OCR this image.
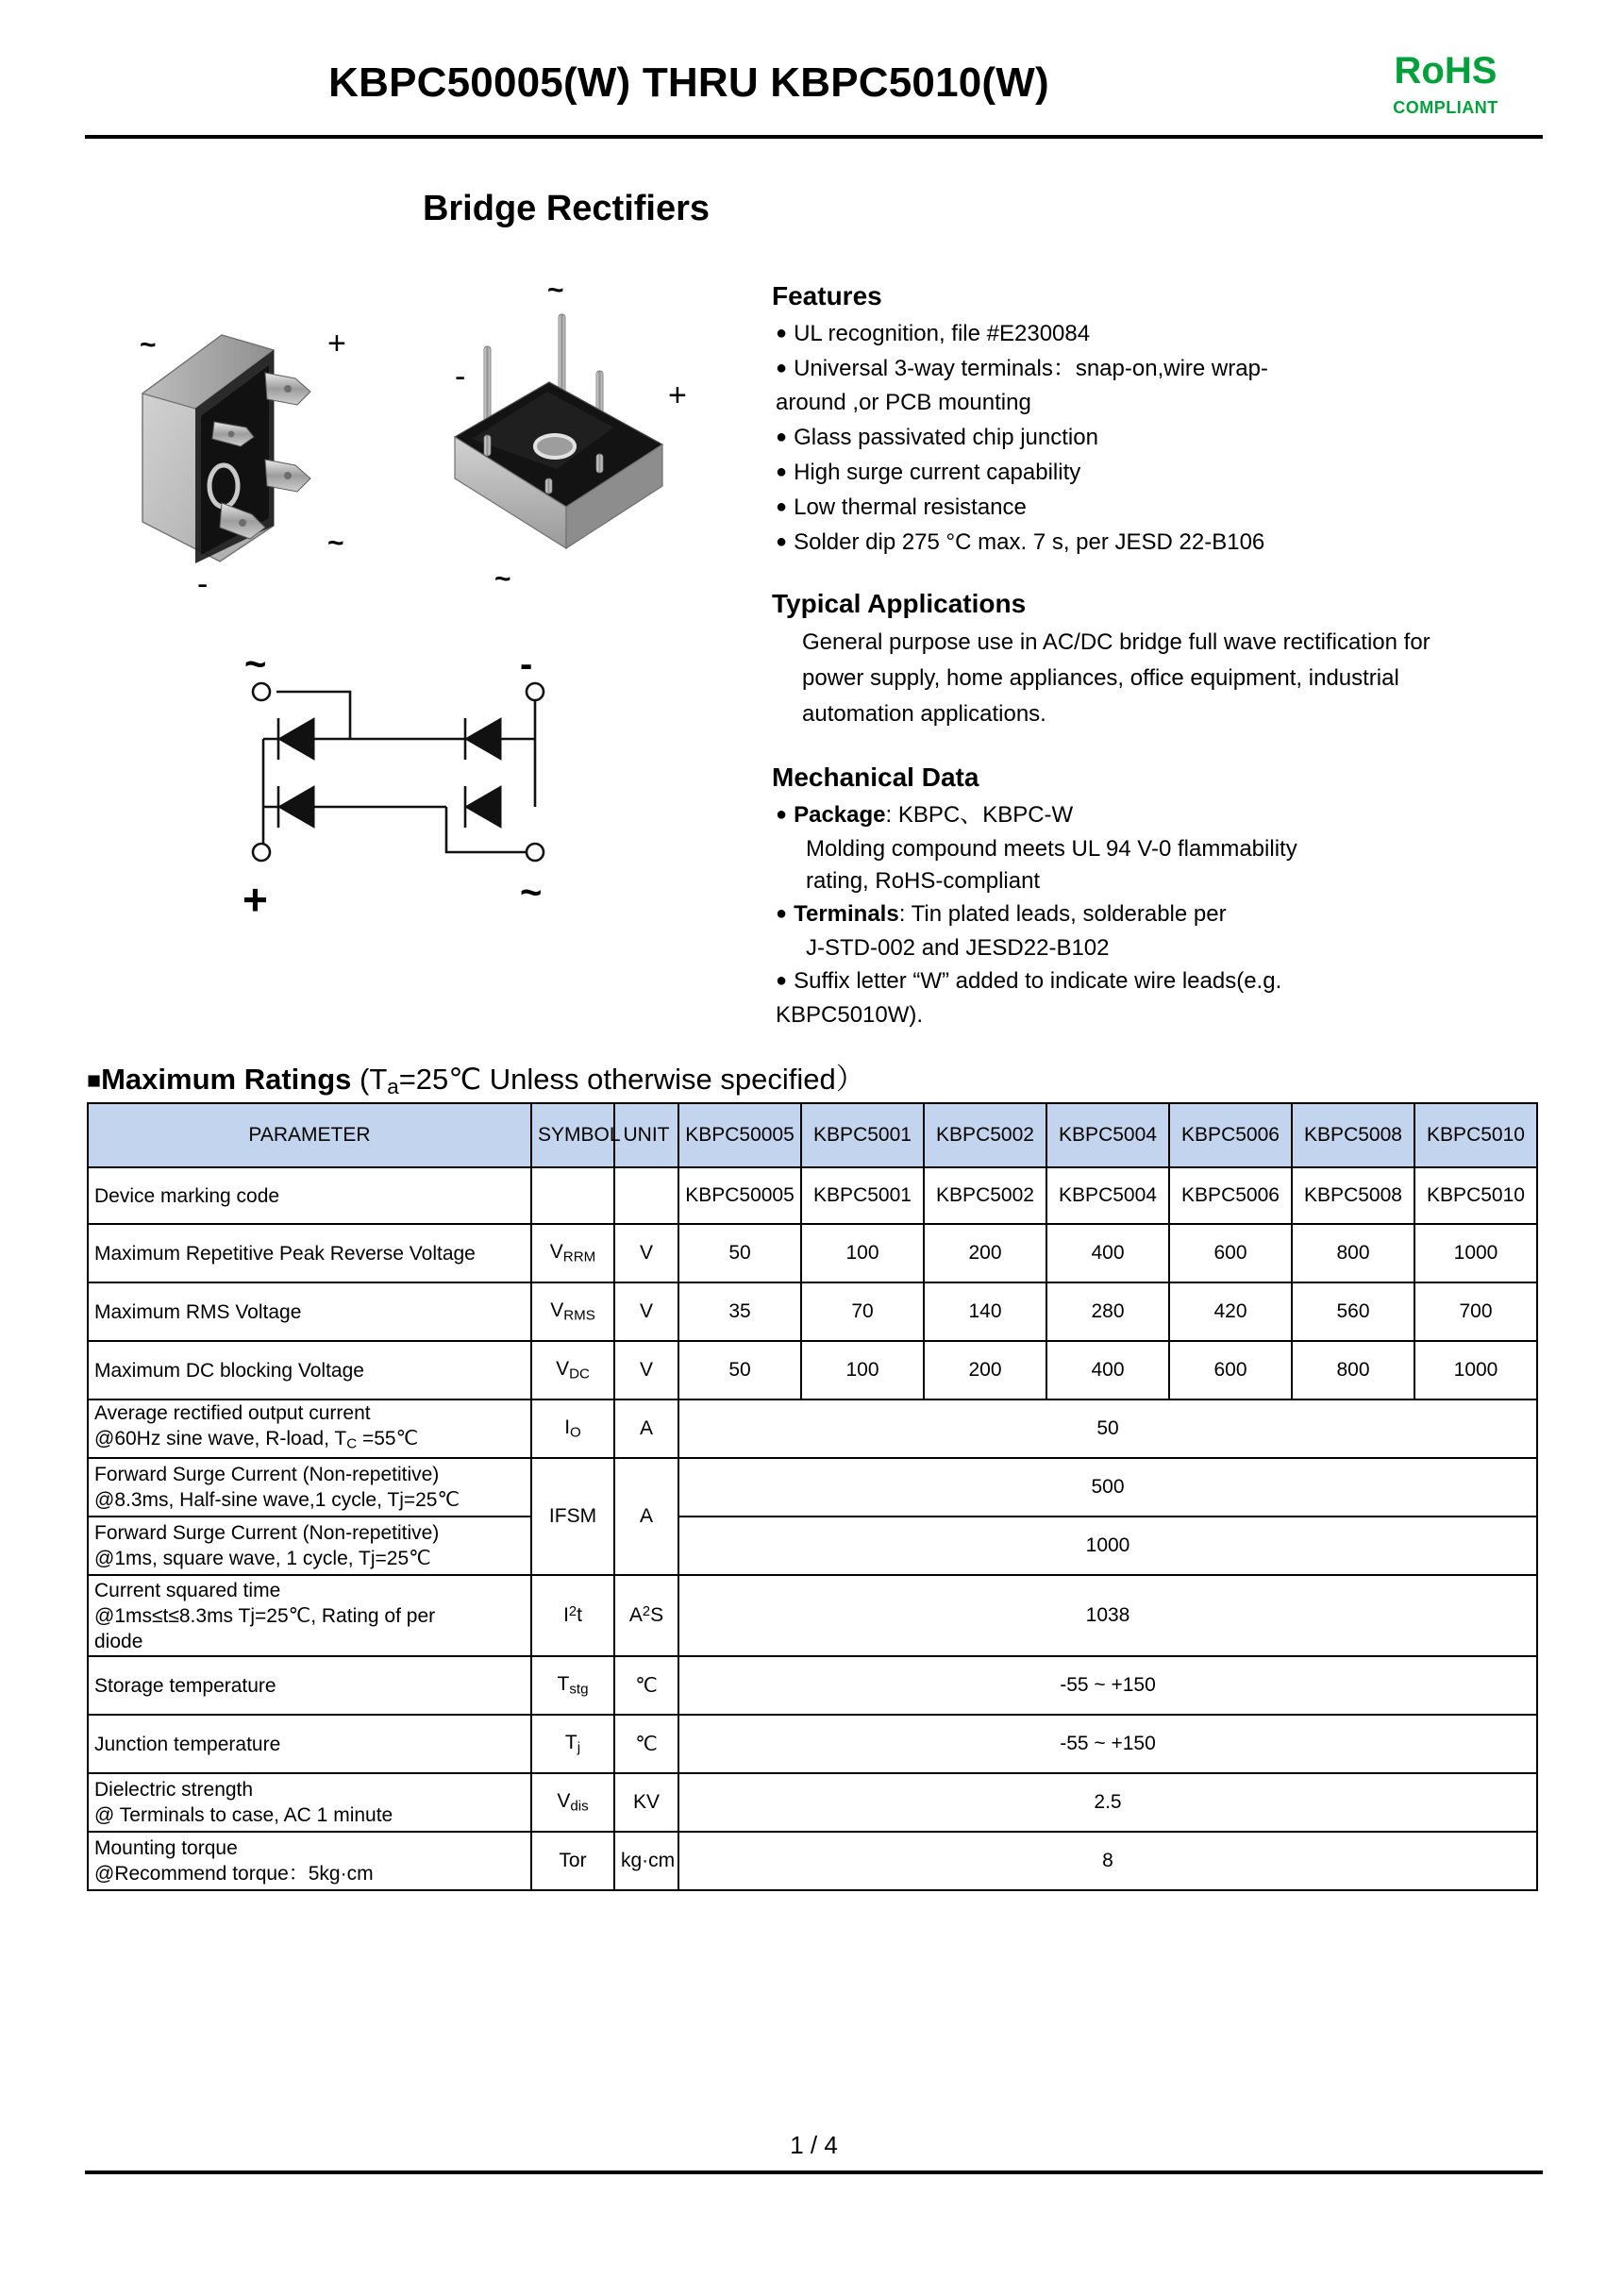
KBPC50005(W) THRU KBPC5010(W)	RoHS
COMPLIANT
Bridge Rectifiers
~	+
~
-
~
-
+
~
~	-
+	~
Features

● UL recognition, file #E230084

● Universal 3-way terminals：snap-on,wire wrap-

around ,or PCB mounting

● Glass passivated chip junction

● High surge current capability

● Low thermal resistance

● Solder dip 275 °C max. 7 s, per JESD 22-B106

Typical Applications

General purpose use in AC/DC bridge full wave rectification for

power supply, home appliances, office equipment, industrial

automation applications.

Mechanical Data

● Package: KBPC、KBPC-W

Molding compound meets UL 94 V-0 flammability

rating, RoHS-compliant

● Terminals: Tin plated leads, solderable per

J-STD-002 and JESD22-B102

● Suffix letter “W” added to indicate wire leads(e.g.

KBPC5010W).

■Maximum Ratings ($T_a=25℃$ Unless otherwise specified）
PARAMETER	SYMBOL	UNIT	KBPC50005	KBPC5001	KBPC5002	KBPC5004	KBPC5006	KBPC5008	KBPC5010
Device marking code			KBPC50005	KBPC5001	KBPC5002	KBPC5004	KBPC5006	KBPC5008	KBPC5010
Maximum Repetitive Peak Reverse Voltage	$V_{RRM}$	V	50	100	200	400	600	800	1000
Maximum RMS Voltage	$V_{RMS}$	V	35	70	140	280	420	560	700
Maximum DC blocking Voltage	$V_{DC}$	V	50	100	200	400	600	800	1000
Average rectified output current
@60Hz sine wave, R-load, $T_C$ =55℃	$I_O$	A	50						
Forward Surge Current (Non-repetitive)
@8.3ms, Half-sine wave,1 cycle, Tj=25℃	IFSM	A	500						
Forward Surge Current (Non-repetitive)
@1ms, square wave, 1 cycle, Tj=25℃			1000						
Current squared time
@1ms≤t≤8.3ms Tj=25℃, Rating of per
diode	$I^2t$	$A^2S$	1038						
Storage temperature	$T_{stg}$	℃	-55 ~ +150						
Junction temperature	$T_j$	℃	-55 ~ +150						
Dielectric strength
@ Terminals to case, AC 1 minute	$V_{dis}$	KV	2.5						
Mounting torque
@Recommend torque：5kg·cm	Tor	kg·cm	8						
1 / 4
